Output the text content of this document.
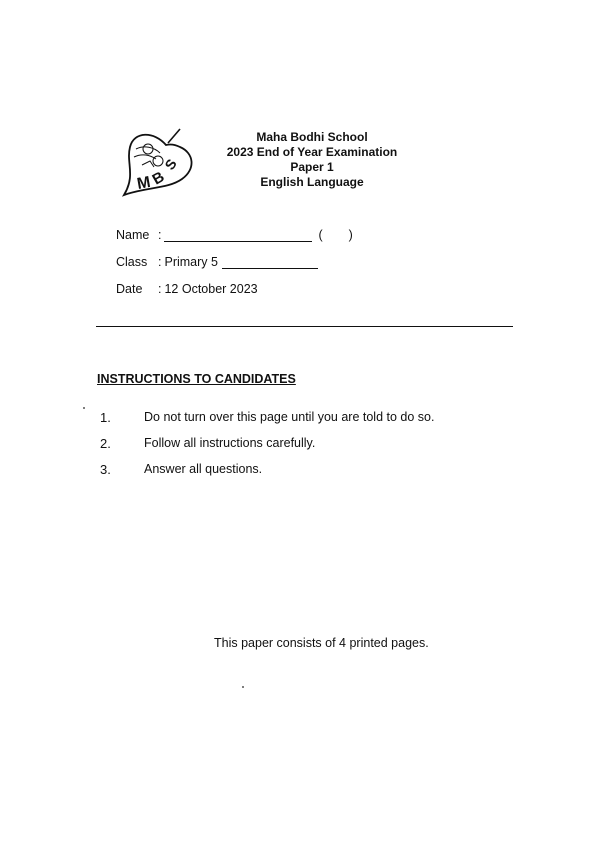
M
B
S
Maha Bodhi School
2023 End of Year Examination
Paper 1
English Language
Name :	( )
Class : Primary 5
Date	: 12 October 2023
INSTRUCTIONS TO CANDIDATES
1.	Do not turn over this page until you are told to do so.
2.	Follow all instructions carefully.
3.	Answer all questions.
This paper consists of 4 printed pages.
